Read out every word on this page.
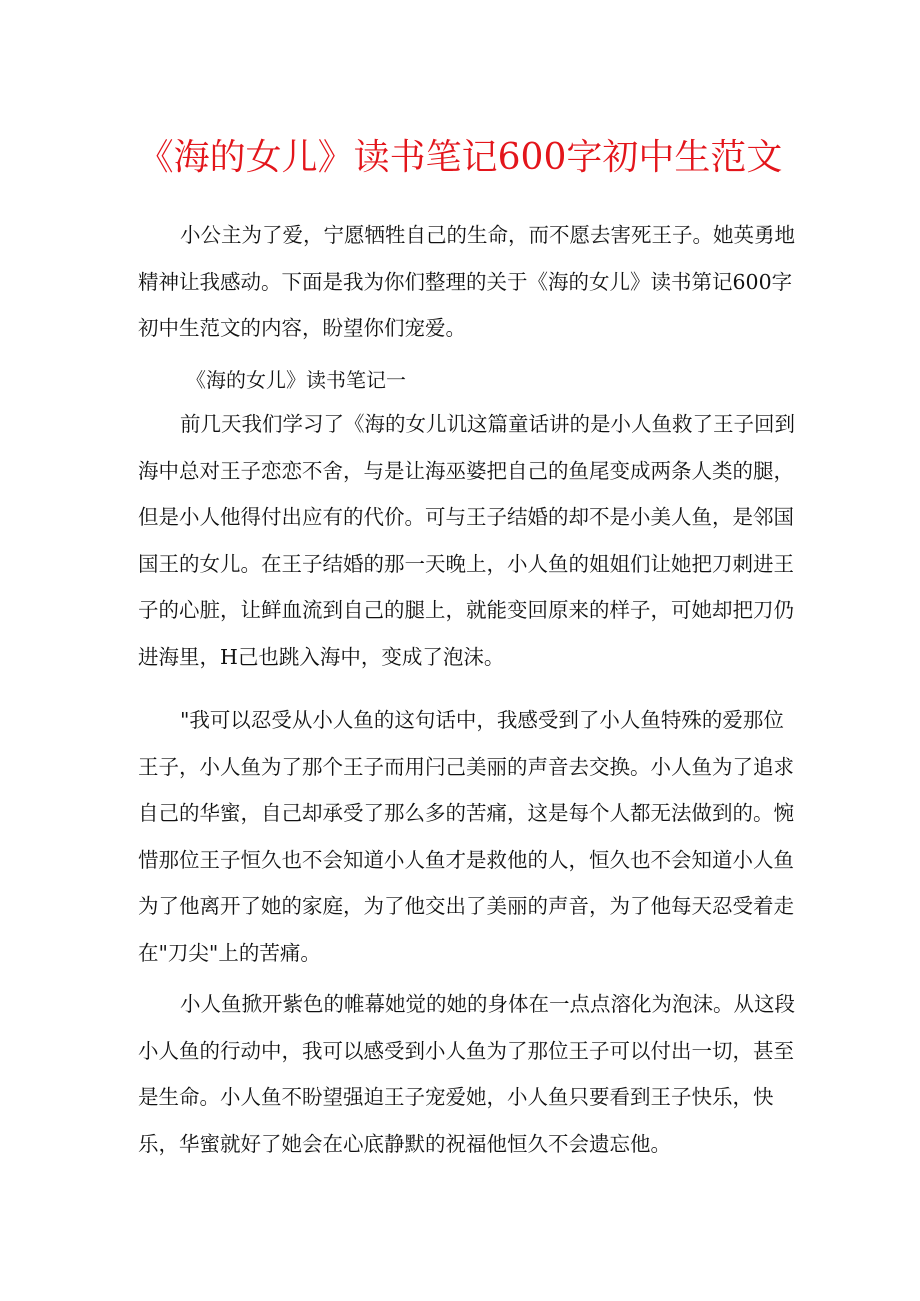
《海的女儿》读书笔记600字初中生范文

小公主为了爱，宁愿牺牲自己的生命，而不愿去害死王子。她英勇地精神让我感动。下面是我为你们整理的关于《海的女儿》读书第记600字初中生范文的内容，盼望你们宠爱。

《海的女儿》读书笔记一

前几天我们学习了《海的女儿讥这篇童话讲的是小人鱼救了王子回到海中总对王子恋恋不舍，与是让海巫婆把自己的鱼尾变成两条人类的腿，但是小人他得付出应有的代价。可与王子结婚的却不是小美人鱼，是邻国国王的女儿。在王子结婚的那一天晚上，小人鱼的姐姐们让她把刀刺进王子的心脏，让鲜血流到自己的腿上，就能变回原来的样子，可她却把刀仍进海里，H己也跳入海中，变成了泡沫。

"我可以忍受从小人鱼的这句话中，我感受到了小人鱼特殊的爱那位王子，小人鱼为了那个王子而用闩己美丽的声音去交换。小人鱼为了追求自己的华蜜，自己却承受了那么多的苦痛，这是每个人都无法做到的。惋惜那位王子恒久也不会知道小人鱼才是救他的人，恒久也不会知道小人鱼为了他离开了她的家庭，为了他交出了美丽的声音，为了他每天忍受着走在"刀尖"上的苦痛。

小人鱼掀开紫色的帷幕她觉的她的身体在一点点溶化为泡沫。从这段小人鱼的行动中，我可以感受到小人鱼为了那位王子可以付出一切，甚至是生命。小人鱼不盼望强迫王子宠爱她，小人鱼只要看到王子快乐，快乐，华蜜就好了她会在心底静默的祝福他恒久不会遗忘他。
